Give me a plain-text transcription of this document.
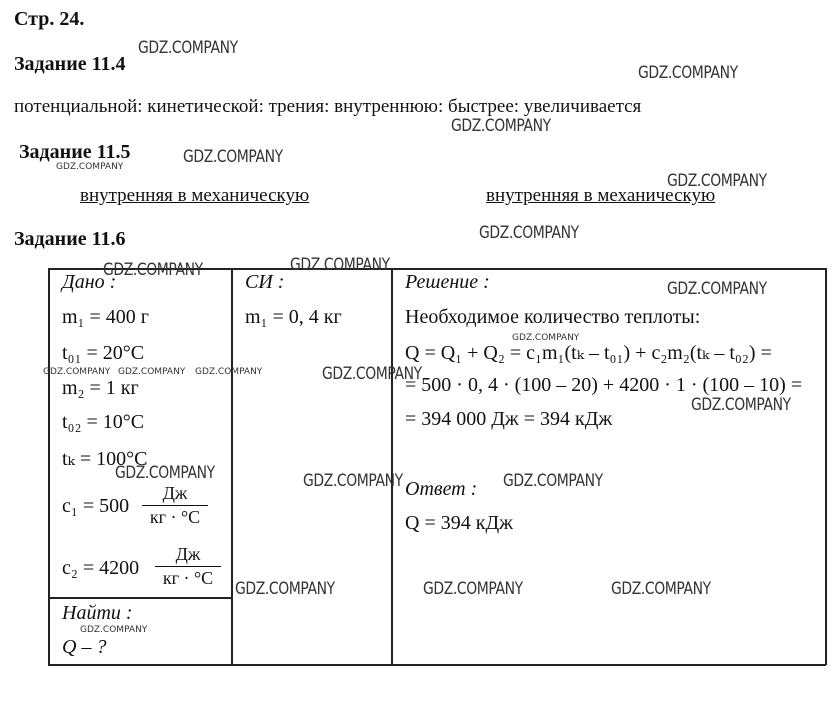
Стр. 24.
Задание 11.4
потенциальной: кинетической: трения: внутреннюю: быстрее: увеличивается
Задание 11.5
внутренняя в механическую	внутренняя в механическую
Задание 11.6
Дано :
m₁ = 400 г
t₀₁ = 20°C
m₂ = 1 кг
t₀₂ = 10°C
tₖ = 100°C
c₁ = 500
Дж
кг · °C
c₂ = 4200
Дж
кг · °C
Найти :
Q – ?
СИ :
m₁ = 0, 4 кг
Решение :
Необходимое количество теплоты:
Q = Q₁ + Q₂ = c₁m₁(tₖ – t₀₁) + c₂m₂(tₖ – t₀₂) =
= 500 · 0, 4 · (100 – 20) + 4200 · 1 · (100 – 10) =
= 394 000 Дж = 394 кДж
Ответ :
Q = 394 кДж
GDZ.COMPANY
GDZ.COMPANY
GDZ.COMPANY
GDZ.COMPANY
GDZ.COMPANY
GDZ.COMPANY
GDZ.COMPANY
GDZ.COMPANY
GDZ.COMPANY
GDZ.COMPANY
GDZ.COMPANY
GDZ.COMPANY GDZ.COMPANY GDZ.COMPANY	GDZ.COMPANY
GDZ.COMPANY
GDZ.COMPANY	GDZ.COMPANY	GDZ.COMPANY
GDZ.COMPANY	GDZ.COMPANY	GDZ.COMPANY
GDZ.COMPANY
